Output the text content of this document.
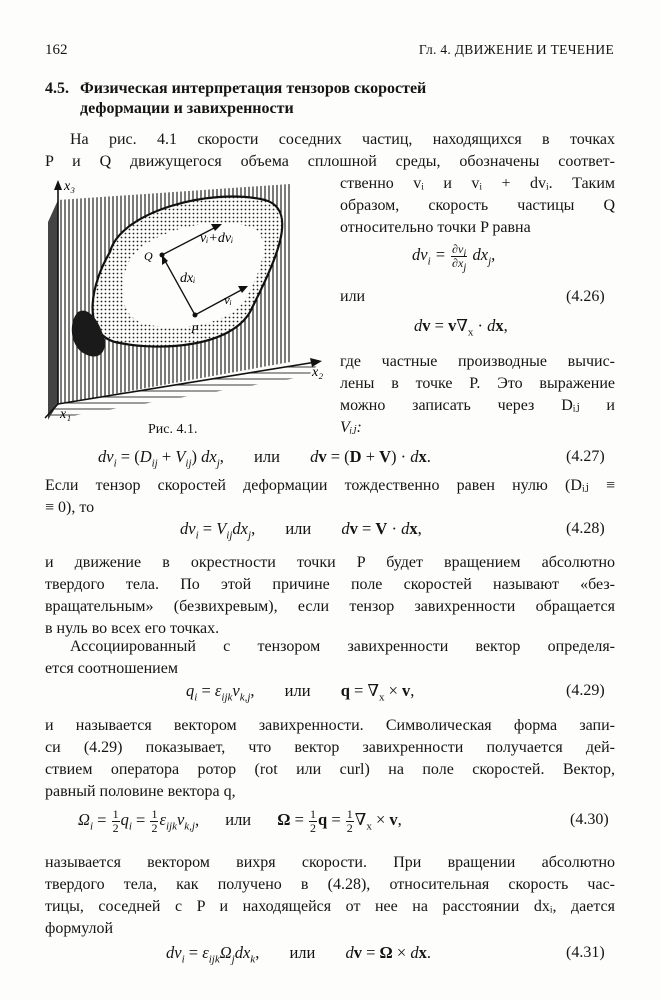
162	Гл. 4. ДВИЖЕНИЕ И ТЕЧЕНИЕ
4.5. Физическая интерпретация тензоров скоростей
деформации и завихренности
На рис. 4.1 скорости соседних частиц, находящихся в точках
P и Q движущегося объема сплошной среды, обозначены соответ-
ственно vᵢ и vᵢ + dvᵢ. Таким
образом, скорость частицы Q
относительно точки P равна
x₃
x₂
x₁
P
Q
vᵢ+dvᵢ
dxᵢ
vᵢ
Рис. 4.1.
$dv_i = \frac{\partial v_i}{\partial x_j} dx_j$,
или	(4.26)
dv = $v\nabla_x$ · dx,
где частные производные вычис-
лены в точке P. Это выражение
можно записать через Dᵢⱼ и
Vᵢⱼ:
$dv_i = (D_{ij} + V_{ij})$ $dx_j$, или dv = (D + V) · dx.	(4.27)
Если тензор скоростей деформации тождественно равен нулю (Dᵢⱼ ≡
≡ 0), то
$dv_i = V_{ij}dx_j$, или dv = V · dx,	(4.28)
и движение в окрестности точки P будет вращением абсолютно
твердого тела. По этой причине поле скоростей называют «без-
вращательным» (безвихревым), если тензор завихренности обращается
в нуль во всех его точках.
Ассоциированный с тензором завихренности вектор определя-
ется соотношением
$q_i = \varepsilon_{ijk}v_{k,j}$, или $q = \nabla_x \times v$,	(4.29)
и называется вектором завихренности. Символическая форма запи-
си (4.29) показывает, что вектор завихренности получается дей-
ствием оператора ротор (rot или curl) на поле скоростей. Вектор,
равный половине вектора q,
$\Omega_i = \frac{1}{2} q_i = \frac{1}{2} \varepsilon_{ijk}v_{k,j}$, или $\Omega = \frac{1}{2}$ $q = \frac{1}{2} \nabla_x \times v$,	(4.30)
называется вектором вихря скорости. При вращении абсолютно
твердого тела, как получено в (4.28), относительная скорость час-
тицы, соседней с P и находящейся от нее на расстоянии dxᵢ, дается
формулой
$dv_i = \varepsilon_{ijk}\Omega_jdx_k$, или dv = Ω × dx.	(4.31)
